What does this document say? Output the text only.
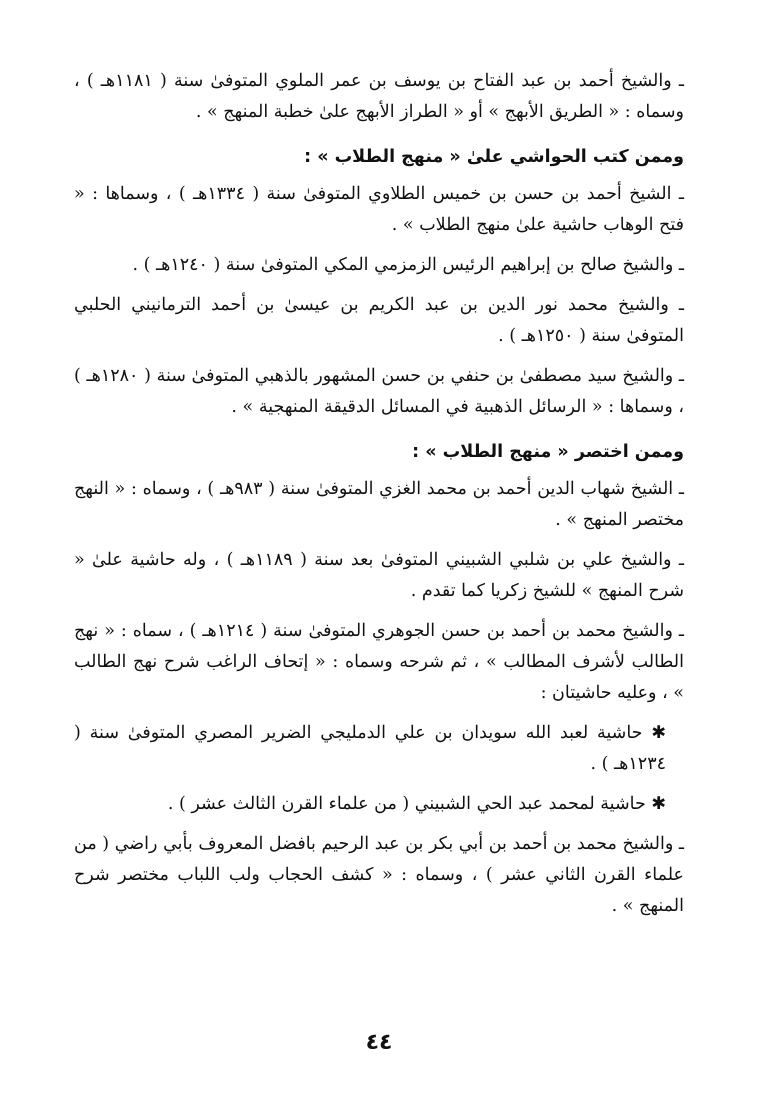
ـ والشيخ أحمد بن عبد الفتاح بن يوسف بن عمر الملوي المتوفىٰ سنة ( ١١٨١هـ ) ، وسماه : « الطريق الأبهج » أو « الطراز الأبهج علىٰ خطبة المنهج » .

وممن كتب الحواشي علىٰ « منهج الطلاب » :

ـ الشيخ أحمد بن حسن بن خميس الطلاوي المتوفىٰ سنة ( ١٣٣٤هـ ) ، وسماها : « فتح الوهاب حاشية علىٰ منهج الطلاب » .

ـ والشيخ صالح بن إبراهيم الرئيس الزمزمي المكي المتوفىٰ سنة ( ١٢٤٠هـ ) .

ـ والشيخ محمد نور الدين بن عبد الكريم بن عيسىٰ بن أحمد الترمانيني الحلبي المتوفىٰ سنة ( ١٢٥٠هـ ) .

ـ والشيخ سيد مصطفىٰ بن حنفي بن حسن المشهور بالذهبي المتوفىٰ سنة ( ١٢٨٠هـ ) ، وسماها : « الرسائل الذهبية في المسائل الدقيقة المنهجية » .

وممن اختصر « منهج الطلاب » :

ـ الشيخ شهاب الدين أحمد بن محمد الغزي المتوفىٰ سنة ( ٩٨٣هـ ) ، وسماه : « النهج مختصر المنهج » .

ـ والشيخ علي بن شلبي الشبيني المتوفىٰ بعد سنة ( ١١٨٩هـ ) ، وله حاشية علىٰ « شرح المنهج » للشيخ زكريا كما تقدم .

ـ والشيخ محمد بن أحمد بن حسن الجوهري المتوفىٰ سنة ( ١٢١٤هـ ) ، سماه : « نهج الطالب لأشرف المطالب » ، ثم شرحه وسماه : « إتحاف الراغب شرح نهج الطالب » ، وعليه حاشيتان :

✱ حاشية لعبد الله سويدان بن علي الدمليجي الضرير المصري المتوفىٰ سنة ( ١٢٣٤هـ ) .

✱ حاشية لمحمد عبد الحي الشبيني ( من علماء القرن الثالث عشر ) .

ـ والشيخ محمد بن أحمد بن أبي بكر بن عبد الرحيم بافضل المعروف بأبي راضي ( من علماء القرن الثاني عشر ) ، وسماه : « كشف الحجاب ولب اللباب مختصر شرح المنهج » .

٤٤
